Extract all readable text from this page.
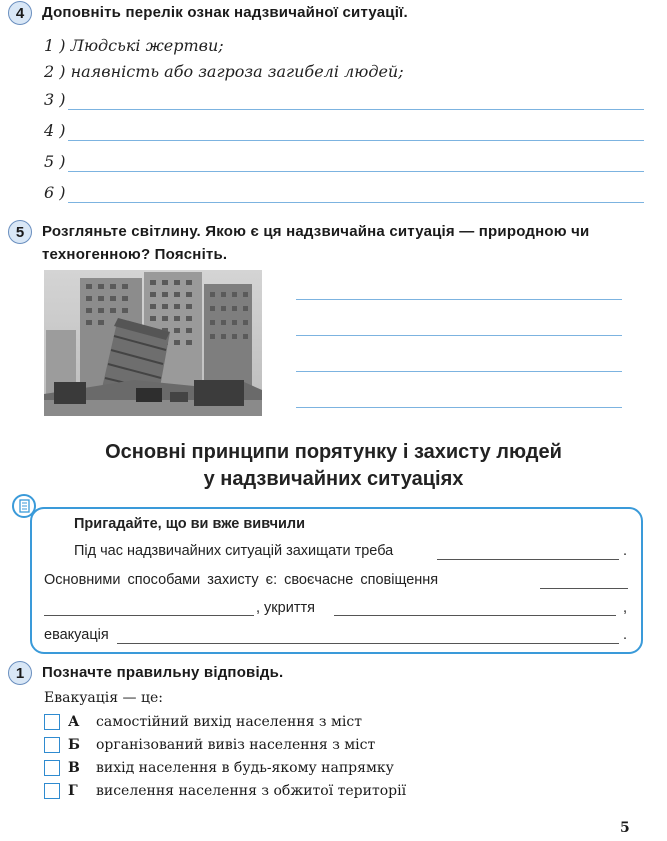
4	Доповніть перелік ознак надзвичайної ситуації.
1 ) Людські жертви;
2 ) наявність або загроза загибелі людей;
3 )
4 )
5 )
6 )
5	Розгляньте світлину. Якою є ця надзвичайна ситуація — природною чи
техногенною? Поясніть.
Основні принципи порятунку і захисту людей
у надзвичайних ситуаціях
Пригадайте, що ви вже вивчили
Під час надзвичайних ситуацій захищати треба	.
Основними способами захисту є: своєчасне сповіщення
, укриття	,
евакуація	.
1	Позначте правильну відповідь.
Евакуація — це:
А самостійний вихід населення з міст
Б організований вивіз населення з міст
В вихід населення в будь-якому напрямку
Г виселення населення з обжитої території
5
